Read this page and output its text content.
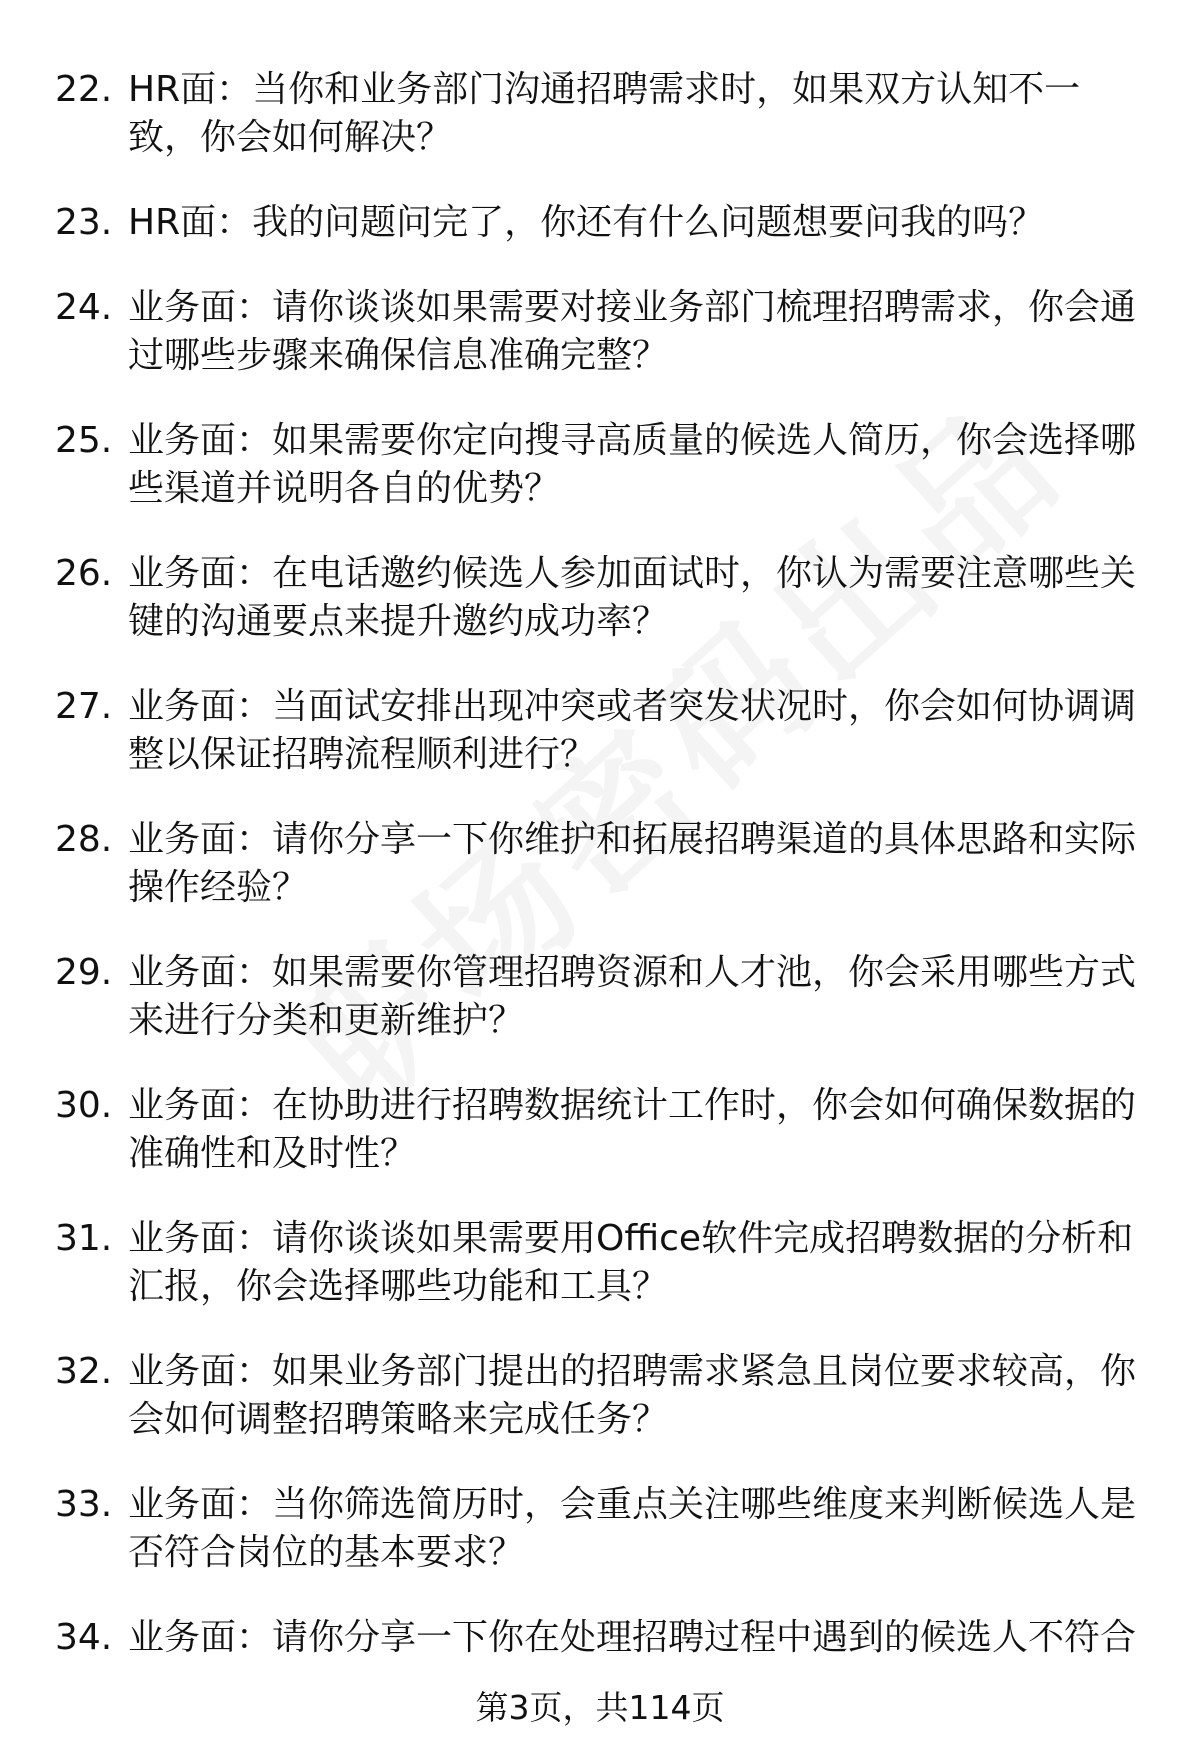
22. HR面：当你和业务部门沟通招聘需求时，如果双方认知不一致，你会如何解决？
23. HR面：我的问题问完了，你还有什么问题想要问我的吗？
24. 业务面：请你谈谈如果需要对接业务部门梳理招聘需求，你会通过哪些步骤来确保信息准确完整？
25. 业务面：如果需要你定向搜寻高质量的候选人简历，你会选择哪些渠道并说明各自的优势？
26. 业务面：在电话邀约候选人参加面试时，你认为需要注意哪些关键的沟通要点来提升邀约成功率？
27. 业务面：当面试安排出现冲突或者突发状况时，你会如何协调调整以保证招聘流程顺利进行？
28. 业务面：请你分享一下你维护和拓展招聘渠道的具体思路和实际操作经验？
29. 业务面：如果需要你管理招聘资源和人才池，你会采用哪些方式来进行分类和更新维护？
30. 业务面：在协助进行招聘数据统计工作时，你会如何确保数据的准确性和及时性？
31. 业务面：请你谈谈如果需要用Office软件完成招聘数据的分析和汇报，你会选择哪些功能和工具？
32. 业务面：如果业务部门提出的招聘需求紧急且岗位要求较高，你会如何调整招聘策略来完成任务？
33. 业务面：当你筛选简历时，会重点关注哪些维度来判断候选人是否符合岗位的基本要求？
34. 业务面：请你分享一下你在处理招聘过程中遇到的候选人不符合
第3页，共114页
